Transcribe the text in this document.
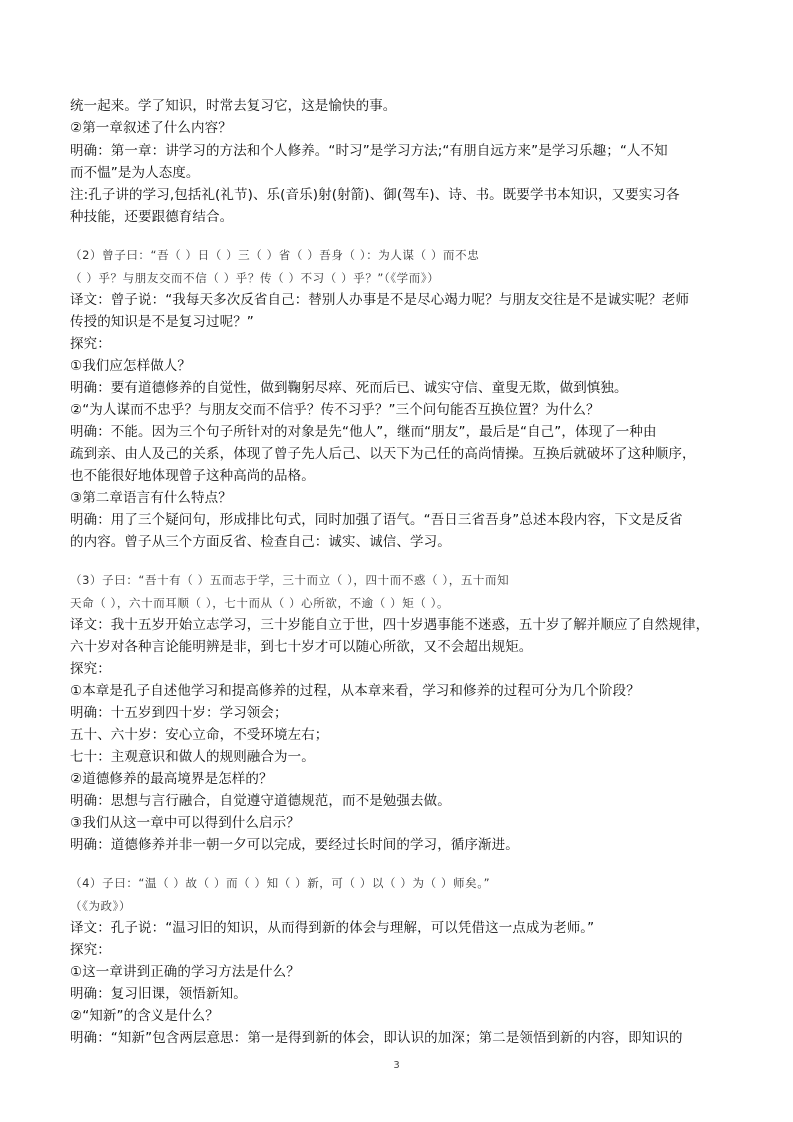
统一起来。学了知识，时常去复习它，这是愉快的事。
②第一章叙述了什么内容？
明确：第一章：讲学习的方法和个人修养。“时习”是学习方法;“有朋自远方来”是学习乐趣；“人不知
而不愠”是为人态度。
注:孔子讲的学习,包括礼(礼节)、乐(音乐)射(射箭)、御(驾车)、诗、书。既要学书本知识，又要实习各
种技能，还要跟德育结合。
（2）曾子曰：“吾（ ）日（ ）三（ ）省（ ）吾身（ ）：为人谋（ ）而不忠
（ ）乎？与朋友交而不信（ ）乎？传（ ）不习（ ）乎？”（《学而》）
译文：曾子说：“我每天多次反省自己：替别人办事是不是尽心竭力呢？与朋友交往是不是诚实呢？老师
传授的知识是不是复习过呢？”
探究：
①我们应怎样做人？
明确：要有道德修养的自觉性，做到鞠躬尽瘁、死而后已、诚实守信、童叟无欺，做到慎独。
②“为人谋而不忠乎？与朋友交而不信乎？传不习乎？”三个问句能否互换位置？为什么？
明确：不能。因为三个句子所针对的对象是先“他人”，继而“朋友”，最后是“自己”，体现了一种由
疏到亲、由人及己的关系，体现了曾子先人后己、以天下为己任的高尚情操。互换后就破坏了这种顺序，
也不能很好地体现曾子这种高尚的品格。
③第二章语言有什么特点？
明确：用了三个疑问句，形成排比句式，同时加强了语气。“吾日三省吾身”总述本段内容，下文是反省
的内容。曾子从三个方面反省、检查自己：诚实、诚信、学习。
（3）子曰：“吾十有（ ）五而志于学，三十而立（ ），四十而不惑（ ），五十而知
天命（ ），六十而耳顺（ ），七十而从（ ）心所欲，不逾（ ）矩（ ）。
译文：我十五岁开始立志学习，三十岁能自立于世，四十岁遇事能不迷惑，五十岁了解并顺应了自然规律，
六十岁对各种言论能明辨是非，到七十岁才可以随心所欲，又不会超出规矩。
探究：
①本章是孔子自述他学习和提高修养的过程，从本章来看，学习和修养的过程可分为几个阶段？
明确：十五岁到四十岁：学习领会；
五十、六十岁：安心立命，不受环境左右；
七十：主观意识和做人的规则融合为一。
②道德修养的最高境界是怎样的？
明确：思想与言行融合，自觉遵守道德规范，而不是勉强去做。
③我们从这一章中可以得到什么启示？
明确：道德修养并非一朝一夕可以完成，要经过长时间的学习，循序渐进。
（4）子曰：“温（ ）故（ ）而（ ）知（ ）新，可（ ）以（ ）为（ ）师矣。”
（《为政》）
译文：孔子说：“温习旧的知识，从而得到新的体会与理解，可以凭借这一点成为老师。”
探究：
①这一章讲到正确的学习方法是什么？
明确：复习旧课，领悟新知。
②“知新”的含义是什么？
明确：“知新”包含两层意思：第一是得到新的体会，即认识的加深；第二是领悟到新的内容，即知识的
3
